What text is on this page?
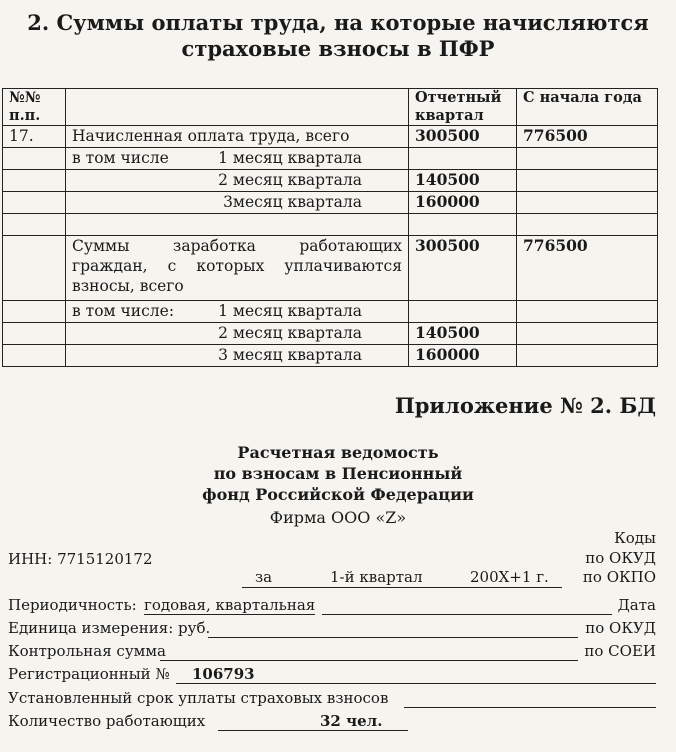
2. Суммы оплаты труда, на которые начисляются
страховые взносы в ПФР
№№ п.п.		Отчетный квартал	С начала года
17.	Начисленная оплата труда, всего	300500	776500

	в том числе 1 месяц квартала		

	2 месяц квартала	140500	
	3месяц квартала	160000	

	Суммы заработка работающих граждан, с которых уплачиваются взносы, всего	300500	776500

	в том числе: 1 месяц квартала		

	2 месяц квартала	140500	
	3 месяц квартала	160000	
Приложение № 2. БД
Расчетная ведомость
по взносам в Пенсионный
фонд Российской Федерации
Фирма ООО «Z»
Коды
ИНН: 7715120172	по ОКУД
за	1-й квартал	200Х+1 г. по ОКПО
Периодичность: годовая, квартальная	Дата
Единица измерения: руб.	по ОКУД
Контрольная сумма	по СОЕИ
Регистрационный № 106793
Установленный срок уплаты страховых взносов
Количество работающих	32 чел.
